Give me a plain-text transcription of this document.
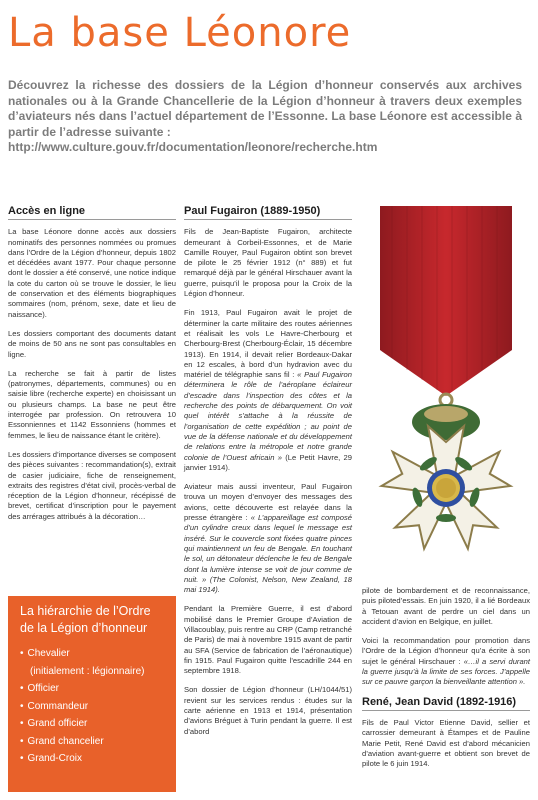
La base Léonore
Découvrez la richesse des dossiers de la Légion d’honneur conservés aux archives nationales ou à la Grande Chancellerie de la Légion d’honneur à travers deux exemples d’aviateurs nés dans l’actuel département de l’Essonne. La base Léonore est accessible à partir de l’adresse suivante :
http://www.culture.gouv.fr/documentation/leonore/recherche.htm
Accès en ligne

La base Léonore donne accès aux dossiers nominatifs des personnes nommées ou promues dans l’Ordre de la Légion d’honneur, depuis 1802 et décédées avant 1977. Pour chaque personne dont le dossier a été conservé, une notice indique la cote du carton où se trouve le dossier, le lieu de conservation et des éléments biographiques sommaires (nom, prénom, sexe, date et lieu de naissance).

Les dossiers comportant des documents datant de moins de 50 ans ne sont pas consultables en ligne.

La recherche se fait à partir de listes (patronymes, départements, communes) ou en saisie libre (recherche experte) en choisissant un ou plusieurs champs. La base ne peut être interrogée par profession. On retrouvera 10 Essonniennes et 1142 Essonniens (hommes et femmes, le lieu de naissance étant le critère).

Les dossiers d’importance diverses se composent des pièces suivantes : recommandation(s), extrait de casier judiciaire, fiche de renseignement, extraits des registres d’état civil, procès-verbal de réception de la Légion d’honneur, récépissé de brevet, certificat d’inscription pour le payement des arrérages attribués à la décoration…

La hiérarchie de l’Ordre de la Légion d’honneur
• Chevalier
(initialement : légionnaire)
• Officier
• Commandeur
• Grand officier
• Grand chancelier
• Grand-Croix
Paul Fugairon (1889-1950)

Fils de Jean-Baptiste Fugairon, architecte demeurant à Corbeil-Essonnes, et de Marie Camille Rouyer, Paul Fugairon obtint son brevet de pilote le 25 février 1912 (n° 889) et fut remarqué déjà par le général Hirschauer avant la guerre, puisqu’il le proposa pour la Croix de la Légion d’honneur.

Fin 1913, Paul Fugairon avait le projet de déterminer la carte militaire des routes aériennes et réalisait les vols Le Havre-Cherbourg et Cherbourg-Brest (Cherbourg-Éclair, 15 décembre 1913). En 1914, il devait relier Bordeaux-Dakar en 12 escales, à bord d’un hydravion avec du matériel de télégraphie sans fil : « Paul Fugairon déterminera le rôle de l’aéroplane éclaireur d’escadre dans l’inspection des côtes et la recherche des points de débarquement. On voit quel intérêt s’attache à la réussite de l’organisation de cette expédition ; au point de vue de la défense nationale et du développement de relations entre la métropole et notre grande colonie de l’Ouest africain » (Le Petit Havre, 29 janvier 1914).

Aviateur mais aussi inventeur, Paul Fugairon trouva un moyen d’envoyer des messages des avions, cette découverte est relayée dans la presse étrangère : « L’appareillage est composé d’un cylindre creux dans lequel le message est inséré. Sur le couvercle sont fixées quatre pinces qui maintiennent un feu de Bengale. En touchant le sol, un détonateur déclenche le feu de Bengale dont la lumière intense se voit de jour comme de nuit. » (The Colonist, Nelson, New Zealand, 18 mai 1914).

Pendant la Première Guerre, il est d’abord mobilisé dans le Premier Groupe d’Aviation de Villacoublay, puis rentre au CRP (Camp retranché de Paris) de mai à novembre 1915 avant de partir au SFA (Service de fabrication de l’aéronautique) fin 1915. Paul Fugairon quitte l’escadrille 244 en septembre 1918.

Son dossier de Légion d’honneur (LH/1044/51) revient sur les services rendus : études sur la carte aérienne en 1913 et 1914, présentation d’avions Bréguet à Turin pendant la guerre. Il est d’abord

pilote de bombardement et de reconnaissance, puis piloted’essais. En juin 1920, il a lié Bordeaux à Tetouan avant de perdre un ciel dans un accident d’avion en Belgique, en juillet.

Voici la recommandation pour promotion dans l’Ordre de la Légion d’honneur qu’a écrite à son sujet le général Hirschauer : «…il a servi durant la guerre jusqu’à la limite de ses forces. J’appelle sur ce pauvre garçon la bienveillante attention ».

René, Jean David (1892-1916)

Fils de Paul Victor Etienne David, sellier et carrossier demeurant à Étampes et de Pauline Marie Petit, René David est d’abord mécanicien d’aviation avant-guerre et obtient son brevet de pilote le 6 juin 1914.
